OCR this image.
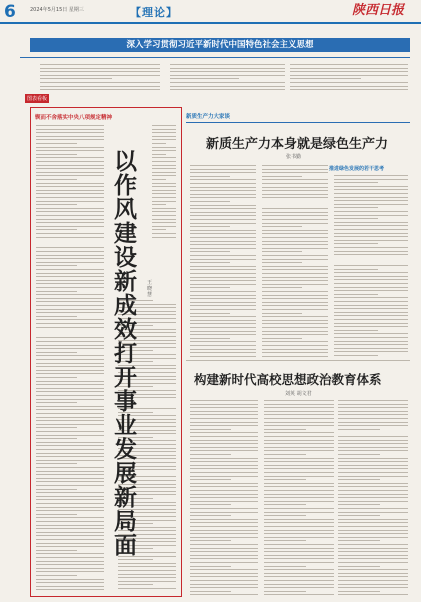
6	2024年5月15日 星期三	【理论】	陕西日报
深入学习贯彻习近平新时代中国特色社会主义思想
图表看板
锲而不舍落实中央八项规定精神
以作风建设新成效打开事业发展新局面
王晓慧
新质生产力大家谈
新质生产力本身就是绿色生产力
张书勤
推进绿色发展的若干思考
构建新时代高校思想政治教育体系
刘英 胡文君
